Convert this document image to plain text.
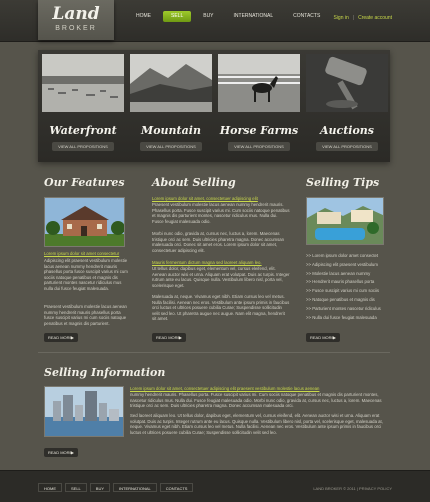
Land
BROKER
HOME	SELL	BUY	INTERNATIONAL	CONTACTS	Sign in | Create account
Waterfront
VIEW ALL PROPOSITIONS
Mountain
VIEW ALL PROPOSITIONS
Horse Farms
VIEW ALL PROPOSITIONS
Auctions
VIEW ALL PROPOSITIONS
Our Features
Lorem ipsum dolor sit amet consectetur
Adipiscing elit praesent vestibulum molestie lacus aenean nummy hendrerit mauris phasellus porta fusce suscipit varius mi cum sociis natoque penatibus et magnis dis parturient montes nascetur ridiculus mus nulla dui fusce feugiat malesuada.
Praesent vestibulum molestie lacus aenean nummy hendrerit mauris phasellus porta fusce suscipit varius mi cum sociis natoque penatibus et magnis dis parturient.
READ MORE ▶
About Selling
Lorem ipsum dolor sit amet, consectetuer adipiscing elit
Praesent vestibulum molestie lacus aenean nummy hendrerit mauris. Phasellus porta. Fusce suscipit varius mi. Cum sociis natoque penatibus et magnis dis parturient montes, nascetur ridiculus mus. Nulla dui. Fusce feugiat malesuada odio.
Morbi nunc odio, gravida at, cursus nec, luctus a, lorem. Maecenas tristique orci ac sem. Duis ultricies pharetra magna. Donec accumsan malesuada orci. Donec sit amet eros. Lorem ipsum dolor sit amet, consectetuer adipiscing elit.
Mauris fermentum dictum magna sed laoreet aliquam leo.
Ut tellus dolor, dapibus eget, elementum vel, cursus eleifend, elit. Aenean auctor wisi et urna. Aliquam erat volutpat. Duis ac turpis. Integer rutrum ante eu lacus. Quisque nulla. Vestibulum libero nisl, porta vel, scelerisque eget.
Malesuada at, neque. Vivamus eget nibh. Etiam cursus leo vel metus. Nulla facilisi. Aenean nec eros. Vestibulum ante ipsum primis in faucibus orci luctus et ultrices posuere cubilia Curae; Suspendisse sollicitudin velit sed leo. Ut pharetra augue nec augue. Nam elit magna, hendrerit sit amet.
READ MORE ▶
Selling Tips
>> Lorem ipsum dolor amet consectet
>> Adipiscing elit praesent vestibulum
>> Molestie lacus aenean nummy
>> Hendrerit mauris phasellus porta
>> Fusce suscipit varius mi cum sociis
>> Natoque penatibus et magnis dis
>> Parturient montes nascetur ridiculus
>> Nulla dui fusce feugiat malesuada
READ MORE ▶
Selling Information
Lorem ipsum dolor sit amet, consectetuer adipiscing elit praesent vestibulum molestie lacus aenean
nummy hendrerit mauris. Phasellus porta. Fusce suscipit varius mi. Cum sociis natoque penatibus et magnis dis parturient montes, nascetur ridiculus mus. Nulla dui. Fusce feugiat malesuada odio. Morbi nunc odio, gravida at, cursus nec, luctus a, lorem. Maecenas tristique orci ac sem. Duis ultricies pharetra magna. Donec accumsan malesuada orci.
Sed laoreet aliquam leo. Ut tellus dolor, dapibus eget, elementum vel, cursus eleifend, elit. Aenean auctor wisi et urna. Aliquam erat volutpat. Duis ac turpis. Integer rutrum ante eu lacus. Quisque nulla. Vestibulum libero nisl, porta vel, scelerisque eget, malesuada at, neque. Vivamus eget nibh. Etiam cursus leo vel metus. Nulla facilisi. Aenean nec eros. Vestibulum ante ipsum primis in faucibus orci luctus et ultrices posuere cubilia Curae; Suspendisse sollicitudin velit sed leo.
READ MORE ▶
HOME	SELL	BUY	INTERNATIONAL	CONTACTS	LAND BROKER © 2011 | PRIVACY POLICY
